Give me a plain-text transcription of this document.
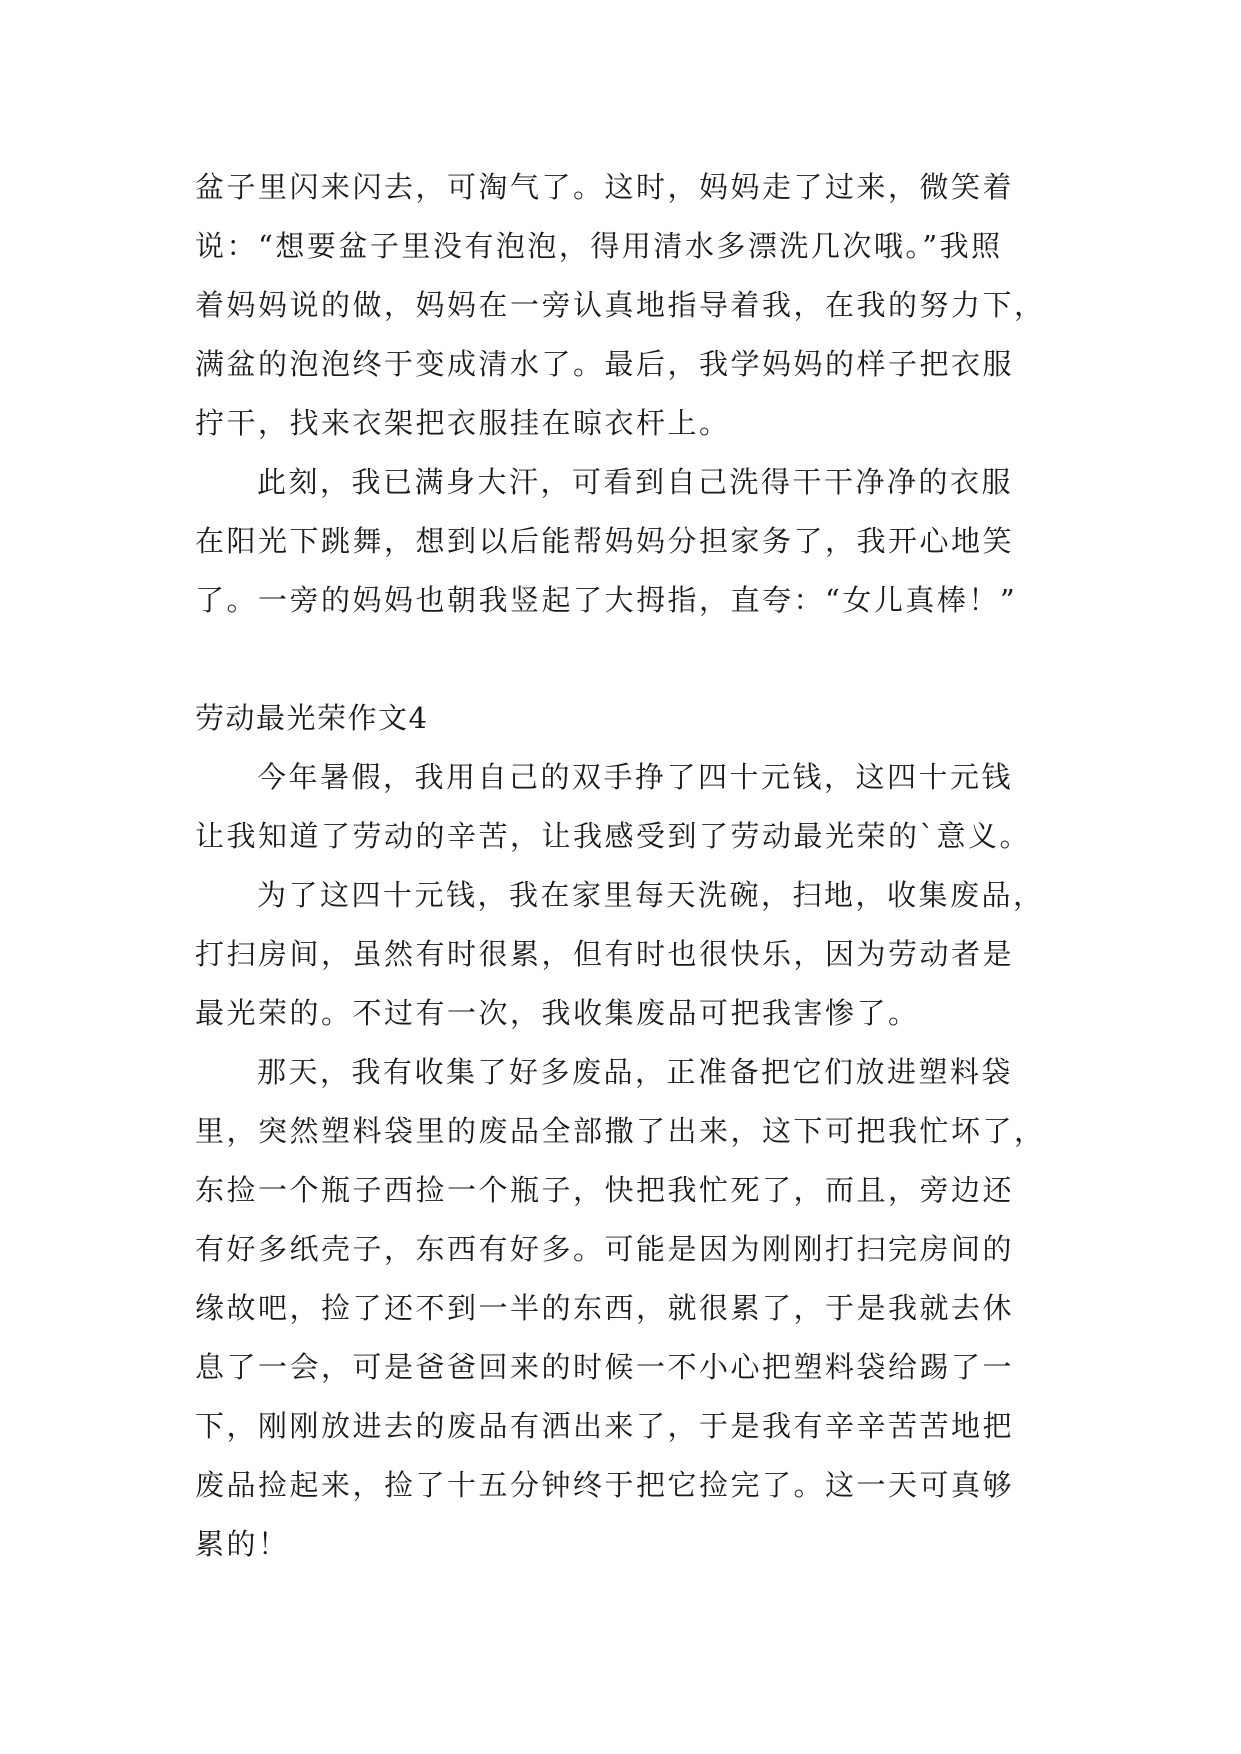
盆子里闪来闪去，可淘气了。这时，妈妈走了过来，微笑着
说：“想要盆子里没有泡泡，得用清水多漂洗几次哦。”我照
着妈妈说的做，妈妈在一旁认真地指导着我，在我的努力下，
满盆的泡泡终于变成清水了。最后，我学妈妈的样子把衣服
拧干，找来衣架把衣服挂在晾衣杆上。
此刻，我已满身大汗，可看到自己洗得干干净净的衣服
在阳光下跳舞，想到以后能帮妈妈分担家务了，我开心地笑
了。一旁的妈妈也朝我竖起了大拇指，直夸：“女儿真棒！”
劳动最光荣作文4
今年暑假，我用自己的双手挣了四十元钱，这四十元钱
让我知道了劳动的辛苦，让我感受到了劳动最光荣的`意义。
为了这四十元钱，我在家里每天洗碗，扫地，收集废品，
打扫房间，虽然有时很累，但有时也很快乐，因为劳动者是
最光荣的。不过有一次，我收集废品可把我害惨了。
那天，我有收集了好多废品，正准备把它们放进塑料袋
里，突然塑料袋里的废品全部撒了出来，这下可把我忙坏了，
东捡一个瓶子西捡一个瓶子，快把我忙死了，而且，旁边还
有好多纸壳子，东西有好多。可能是因为刚刚打扫完房间的
缘故吧，捡了还不到一半的东西，就很累了，于是我就去休
息了一会，可是爸爸回来的时候一不小心把塑料袋给踢了一
下，刚刚放进去的废品有洒出来了，于是我有辛辛苦苦地把
废品捡起来，捡了十五分钟终于把它捡完了。这一天可真够
累的！
